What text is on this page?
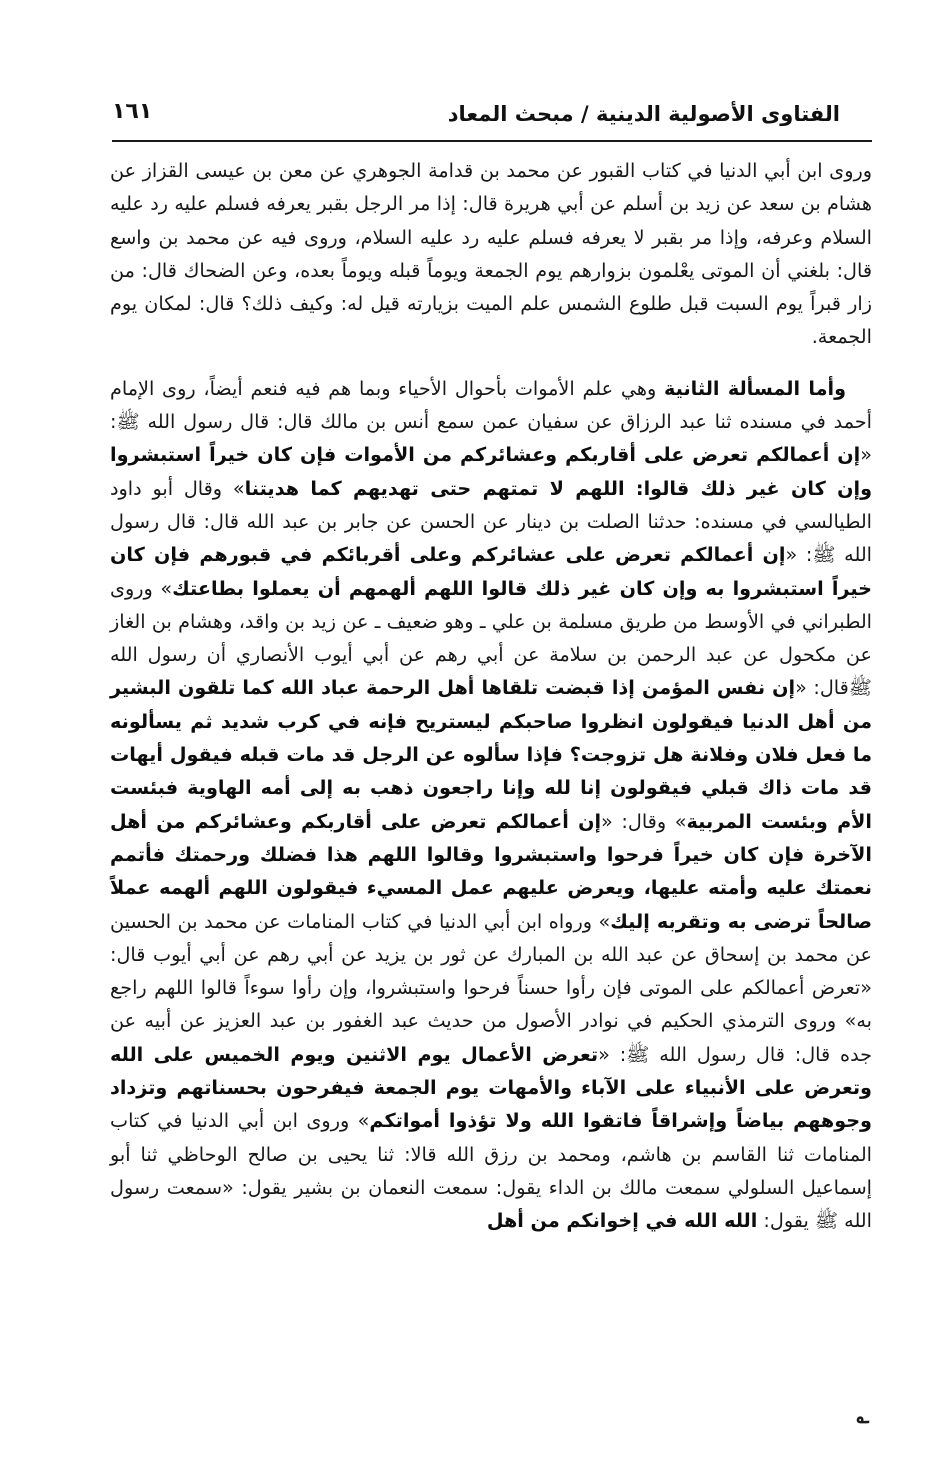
الفتاوى الأصولية الدينية / مبحث المعاد
١٦١

وروى ابن أبي الدنيا في كتاب القبور عن محمد بن قدامة الجوهري عن معن بن عيسى القزاز عن هشام بن سعد عن زيد بن أسلم عن أبي هريرة قال: إذا مر الرجل بقبر يعرفه فسلم عليه رد عليه السلام وعرفه، وإذا مر بقبر لا يعرفه فسلم عليه رد عليه السلام، وروى فيه عن محمد بن واسع قال: بلغني أن الموتى يعْلمون بزوارهم يوم الجمعة ويوماً قبله ويوماً بعده، وعن الضحاك قال: من زار قبراً يوم السبت قبل طلوع الشمس علم الميت بزيارته قيل له: وكيف ذلك؟ قال: لمكان يوم الجمعة.

وأما المسألة الثانية وهي علم الأموات بأحوال الأحياء وبما هم فيه فنعم أيضاً، روى الإمام أحمد في مسنده ثنا عبد الرزاق عن سفيان عمن سمع أنس بن مالك قال: قال رسول الله ﷺ: «إن أعمالكم تعرض على أقاربكم وعشائركم من الأموات فإن كان خيراً استبشروا وإن كان غير ذلك قالوا: اللهم لا تمتهم حتى تهديهم كما هديتنا» وقال أبو داود الطيالسي في مسنده: حدثنا الصلت بن دينار عن الحسن عن جابر بن عبد الله قال: قال رسول الله ﷺ: «إن أعمالكم تعرض على عشائركم وعلى أقربائكم في قبورهم فإن كان خيراً استبشروا به وإن كان غير ذلك قالوا اللهم ألهمهم أن يعملوا بطاعتك» وروى الطبراني في الأوسط من طريق مسلمة بن علي ـ وهو ضعيف ـ عن زيد بن واقد، وهشام بن الغاز عن مكحول عن عبد الرحمن بن سلامة عن أبي رهم عن أبي أيوب الأنصاري أن رسول الله ﷺقال: «إن نفس المؤمن إذا قبضت تلقاها أهل الرحمة عباد الله كما تلقون البشير من أهل الدنيا فيقولون انظروا صاحبكم ليستريح فإنه في كرب شديد ثم يسألونه ما فعل فلان وفلانة هل تزوجت؟ فإذا سألوه عن الرجل قد مات قبله فيقول أيهات قد مات ذاك قبلي فيقولون إنا لله وإنا راجعون ذهب به إلى أمه الهاوية فبئست الأم وبئست المربية» وقال: «إن أعمالكم تعرض على أقاربكم وعشائركم من أهل الآخرة فإن كان خيراً فرحوا واستبشروا وقالوا اللهم هذا فضلك ورحمتك فأتمم نعمتك عليه وأمته عليها، ويعرض عليهم عمل المسيء فيقولون اللهم ألهمه عملاً صالحاً ترضى به وتقربه إليك» ورواه ابن أبي الدنيا في كتاب المنامات عن محمد بن الحسين عن محمد بن إسحاق عن عبد الله بن المبارك عن ثور بن يزيد عن أبي رهم عن أبي أيوب قال: «تعرض أعمالكم على الموتى فإن رأوا حسناً فرحوا واستبشروا، وإن رأوا سوءاً قالوا اللهم راجع به» وروى الترمذي الحكيم في نوادر الأصول من حديث عبد الغفور بن عبد العزيز عن أبيه عن جده قال: قال رسول الله ﷺ: «تعرض الأعمال يوم الاثنين ويوم الخميس على الله وتعرض على الأنبياء على الآباء والأمهات يوم الجمعة فيفرحون بحسناتهم وتزداد وجوههم بياضاً وإشراقاً فاتقوا الله ولا تؤذوا أمواتكم» وروى ابن أبي الدنيا في كتاب المنامات ثنا القاسم بن هاشم، ومحمد بن رزق الله قالا: ثنا يحيى بن صالح الوحاظي ثنا أبو إسماعيل السلولي سمعت مالك بن الداء يقول: سمعت النعمان بن بشير يقول: «سمعت رسول الله ﷺ يقول: الله الله في إخوانكم من أهل

؎
